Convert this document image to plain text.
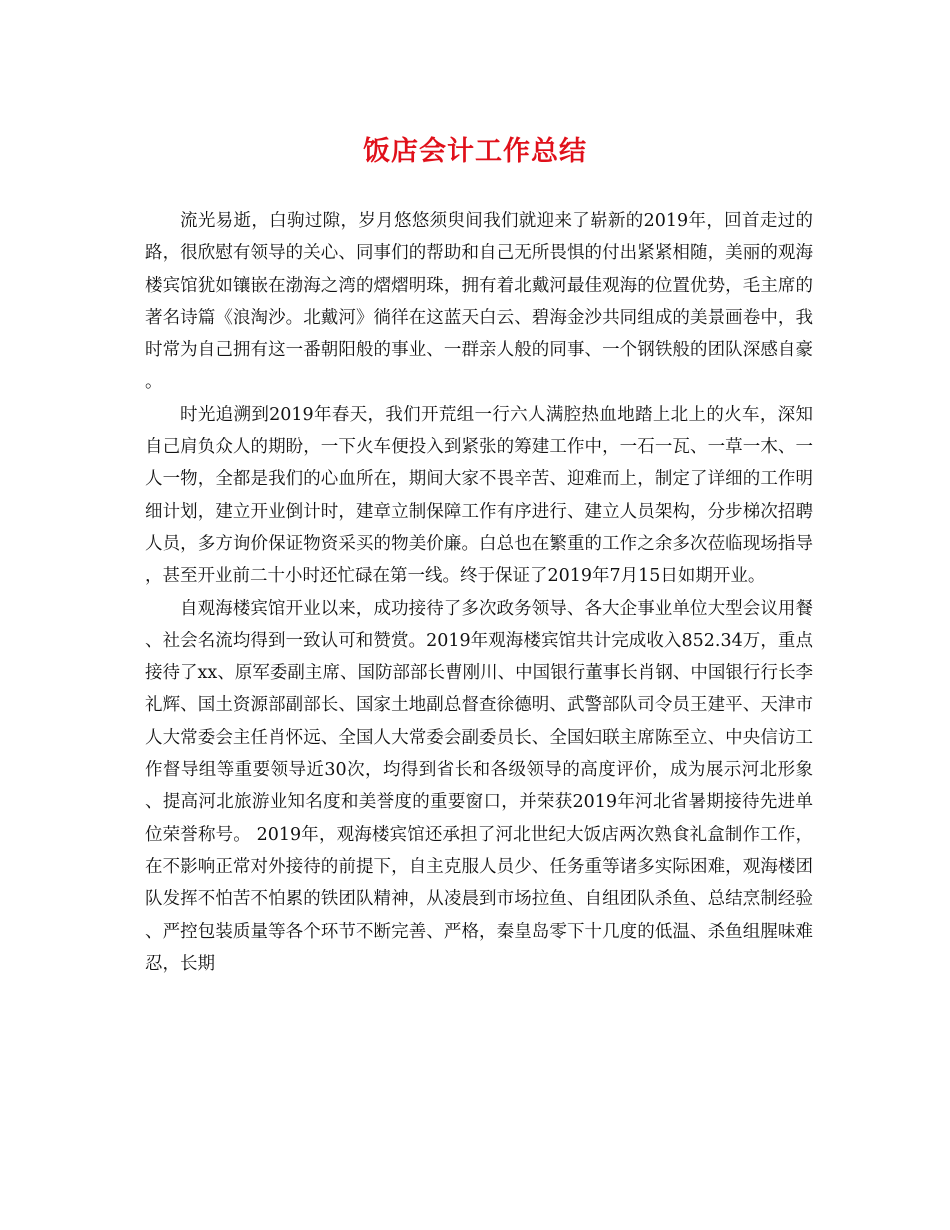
饭店会计工作总结

流光易逝，白驹过隙，岁月悠悠须臾间我们就迎来了崭新的2019年，回首走过的路，很欣慰有领导的关心、同事们的帮助和自己无所畏惧的付出紧紧相随，美丽的观海楼宾馆犹如镶嵌在渤海之湾的熠熠明珠，拥有着北戴河最佳观海的位置优势，毛主席的著名诗篇《浪淘沙。北戴河》徜徉在这蓝天白云、碧海金沙共同组成的美景画卷中，我时常为自己拥有这一番朝阳般的事业、一群亲人般的同事、一个钢铁般的团队深感自豪。

时光追溯到2019年春天，我们开荒组一行六人满腔热血地踏上北上的火车，深知自己肩负众人的期盼，一下火车便投入到紧张的筹建工作中，一石一瓦、一草一木、一人一物，全都是我们的心血所在，期间大家不畏辛苦、迎难而上，制定了详细的工作明细计划，建立开业倒计时，建章立制保障工作有序进行、建立人员架构，分步梯次招聘人员，多方询价保证物资采买的物美价廉。白总也在繁重的工作之余多次莅临现场指导，甚至开业前二十小时还忙碌在第一线。终于保证了2019年7月15日如期开业。

自观海楼宾馆开业以来，成功接待了多次政务领导、各大企事业单位大型会议用餐、社会名流均得到一致认可和赞赏。2019年观海楼宾馆共计完成收入852.34万，重点接待了xx、原军委副主席、国防部部长曹刚川、中国银行董事长肖钢、中国银行行长李礼辉、国土资源部副部长、国家土地副总督查徐德明、武警部队司令员王建平、天津市人大常委会主任肖怀远、全国人大常委会副委员长、全国妇联主席陈至立、中央信访工作督导组等重要领导近30次，均得到省长和各级领导的高度评价，成为展示河北形象、提高河北旅游业知名度和美誉度的重要窗口，并荣获2019年河北省暑期接待先进单位荣誉称号。 2019年，观海楼宾馆还承担了河北世纪大饭店两次熟食礼盒制作工作，在不影响正常对外接待的前提下，自主克服人员少、任务重等诸多实际困难，观海楼团队发挥不怕苦不怕累的铁团队精神，从凌晨到市场拉鱼、自组团队杀鱼、总结烹制经验、严控包装质量等各个环节不断完善、严格，秦皇岛零下十几度的低温、杀鱼组腥味难忍，长期
